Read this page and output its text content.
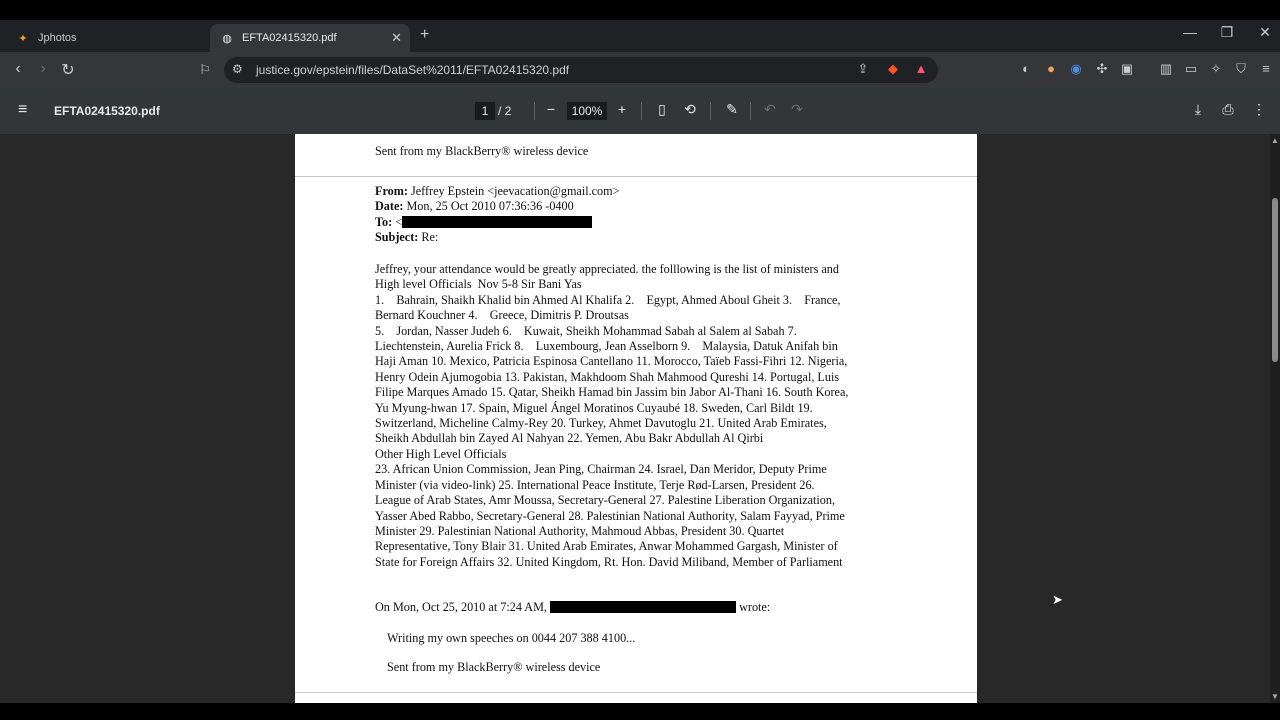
✦ Jphotos	◍ EFTA02415320.pdf	✕ +	—	❐	✕
‹	› ↻	⚐	⚙ justice.gov/epstein/files/DataSet%2011/EFTA02415320.pdf	⇪	◆	▲	◐	●	◉	✣	▣ ▥ ▭	✧	⛉	≡
≡ EFTA02415320.pdf	1 / 2	−	100%	+	▯	⟲ ✎ ↶ ↷	⤓	⎙	⋮
Sent from my BlackBerry® wireless device
From: Jeffrey Epstein <jeevacation@gmail.com>
Date: Mon, 25 Oct 2010 07:36:36 -0400
To: <
Subject: Re:
Jeffrey, your attendance would be greatly appreciated. the folllowing is the list of ministers and
High level Officials  Nov 5-8 Sir Bani Yas
1.    Bahrain, Shaikh Khalid bin Ahmed Al Khalifa 2.    Egypt, Ahmed Aboul Gheit 3.    France,
Bernard Kouchner 4.    Greece, Dimitris P. Droutsas
5.    Jordan, Nasser Judeh 6.    Kuwait, Sheikh Mohammad Sabah al Salem al Sabah 7.
Liechtenstein, Aurelia Frick 8.    Luxembourg, Jean Asselborn 9.    Malaysia, Datuk Anifah bin
Haji Aman 10. Mexico, Patricia Espinosa Cantellano 11. Morocco, Taïeb Fassi-Fihri 12. Nigeria,
Henry Odein Ajumogobia 13. Pakistan, Makhdoom Shah Mahmood Qureshi 14. Portugal, Luis
Filipe Marques Amado 15. Qatar, Sheikh Hamad bin Jassim bin Jabor Al-Thani 16. South Korea,
Yu Myung-hwan 17. Spain, Miguel Ángel Moratinos Cuyaubé 18. Sweden, Carl Bildt 19.
Switzerland, Micheline Calmy-Rey 20. Turkey, Ahmet Davutoglu 21. United Arab Emirates,
Sheikh Abdullah bin Zayed Al Nahyan 22. Yemen, Abu Bakr Abdullah Al Qirbi
Other High Level Officials
23. African Union Commission, Jean Ping, Chairman 24. Israel, Dan Meridor, Deputy Prime
Minister (via video-link) 25. International Peace Institute, Terje Rød-Larsen, President 26.
League of Arab States, Amr Moussa, Secretary-General 27. Palestine Liberation Organization,
Yasser Abed Rabbo, Secretary-General 28. Palestinian National Authority, Salam Fayyad, Prime
Minister 29. Palestinian National Authority, Mahmoud Abbas, President 30. Quartet
Representative, Tony Blair 31. United Arab Emirates, Anwar Mohammed Gargash, Minister of
State for Foreign Affairs 32. United Kingdom, Rt. Hon. David Miliband, Member of Parliament
On Mon, Oct 25, 2010 at 7:24 AM,	wrote:
Writing my own speeches on 0044 207 388 4100...
Sent from my BlackBerry® wireless device
▲
▼
➤
